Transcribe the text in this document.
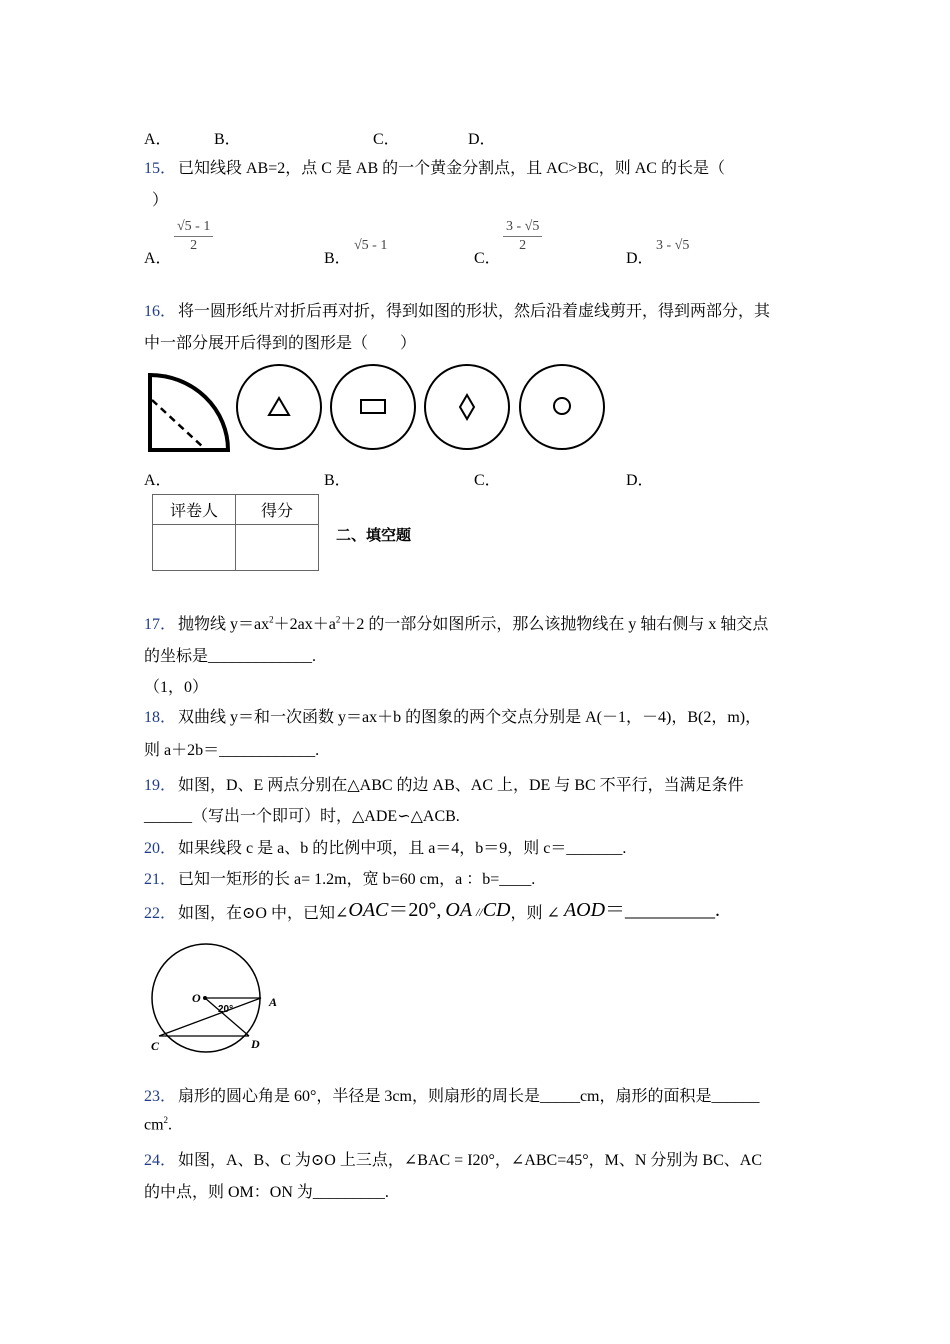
A．	B．	C．	D．
15． 已知线段 AB=2，点 C 是 AB 的一个黄金分割点，且 AC>BC，则 AC 的长是（
）
A．
√5 - 1
2
B．
√5 - 1
C．
3 - √5
2
D．
3 - √5
16． 将一圆形纸片对折后再对折，得到如图的形状，然后沿着虚线剪开，得到两部分，其
中一部分展开后得到的图形是（　　）
A．	B．	C．	D．
评卷人	得分

二、填空题
17． 抛物线 $y=ax^2+2ax+a^2+2$ 的一部分如图所示，那么该抛物线在 y 轴右侧与 x 轴交点
的坐标是_____________.
（1，0）
18． 双曲线 y＝和一次函数 y＝ax＋b 的图象的两个交点分别是 A(－1，－4)，B(2，m)，
则 a＋2b＝____________.
19． 如图，D、E 两点分别在△ABC 的边 AB、AC 上，DE 与 BC 不平行，当满足条件
______（写出一个即可）时，△ADE∽△ACB.
20． 如果线段 c 是 a、b 的比例中项，且 a＝4，b＝9，则 c＝_______.
21． 已知一矩形的长 a= 1.2m，宽 b=60 cm，a ：b=____.
22． 如图，在⊙O 中，已知∠OAC＝20°, OA //CD，则 ∠ AOD＝_________.
O	A
C	D
20°
23． 扇形的圆心角是 60°，半径是 3cm，则扇形的周长是_____cm，扇形的面积是______
$cm^2$.
24． 如图，A、B、C 为⊙O 上三点，∠BAC = I20°，∠ABC=45°，M、N 分别为 BC、AC
的中点，则 OM：ON 为_________.
